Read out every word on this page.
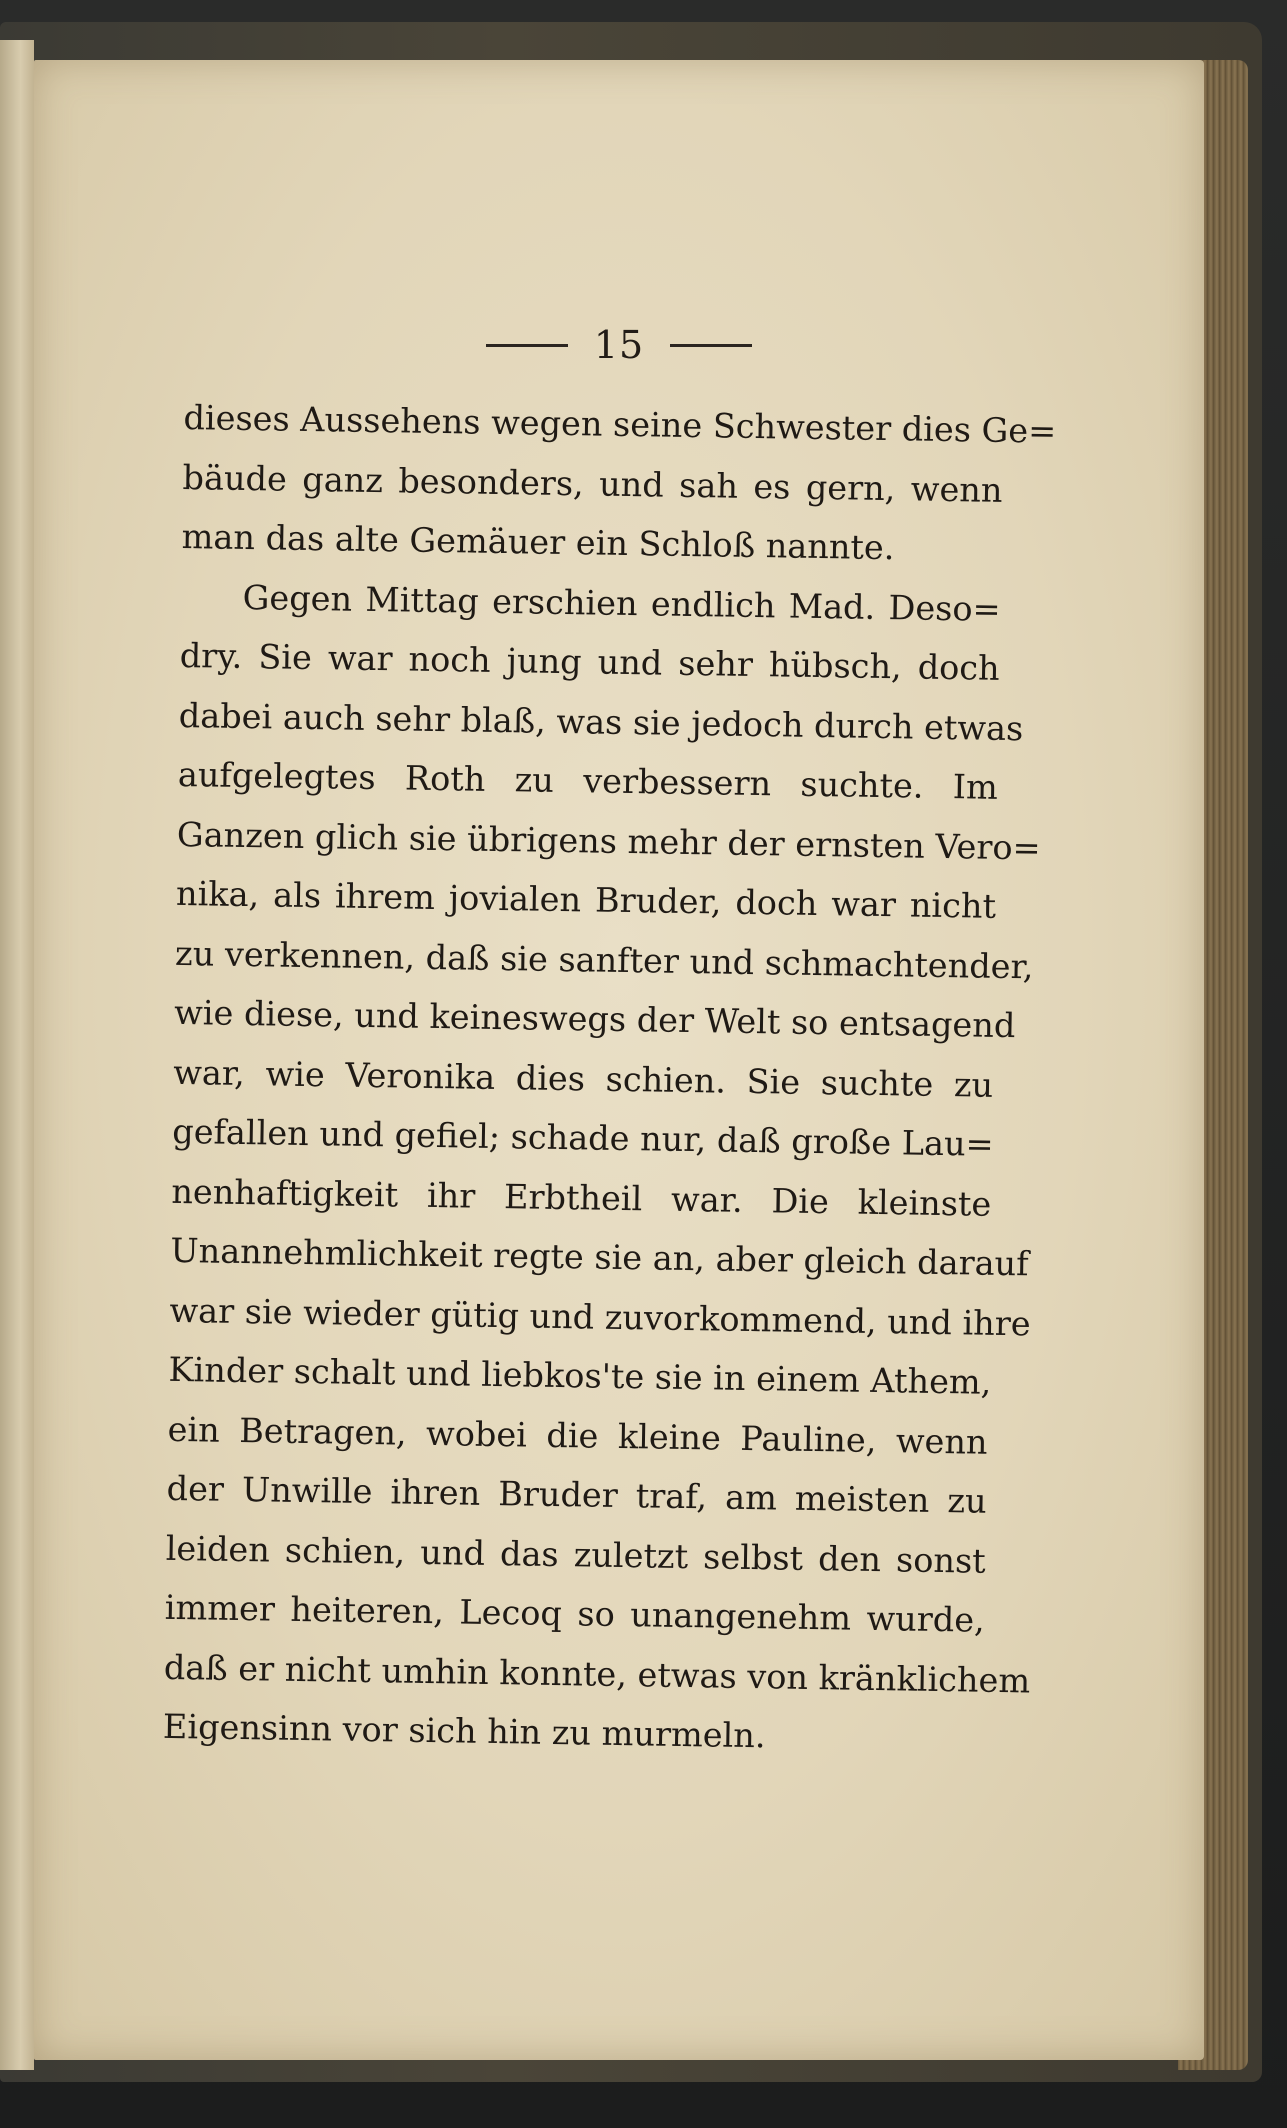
15
dieses Aussehens wegen seine Schwester dies Ge=
bäude ganz besonders, und sah es gern, wenn
man das alte Gemäuer ein Schloß nannte.
Gegen Mittag erschien endlich Mad. Deso=
dry. Sie war noch jung und sehr hübsch, doch
dabei auch sehr blaß, was sie jedoch durch etwas
aufgelegtes Roth zu verbessern suchte. Im
Ganzen glich sie übrigens mehr der ernsten Vero=
nika, als ihrem jovialen Bruder, doch war nicht
zu verkennen, daß sie sanfter und schmachtender,
wie diese, und keineswegs der Welt so entsagend
war, wie Veronika dies schien. Sie suchte zu
gefallen und gefiel; schade nur, daß große Lau=
nenhaftigkeit ihr Erbtheil war. Die kleinste
Unannehmlichkeit regte sie an, aber gleich darauf
war sie wieder gütig und zuvorkommend, und ihre
Kinder schalt und liebkos'te sie in einem Athem,
ein Betragen, wobei die kleine Pauline, wenn
der Unwille ihren Bruder traf, am meisten zu
leiden schien, und das zuletzt selbst den sonst
immer heiteren, Lecoq so unangenehm wurde,
daß er nicht umhin konnte, etwas von kränklichem
Eigensinn vor sich hin zu murmeln.
